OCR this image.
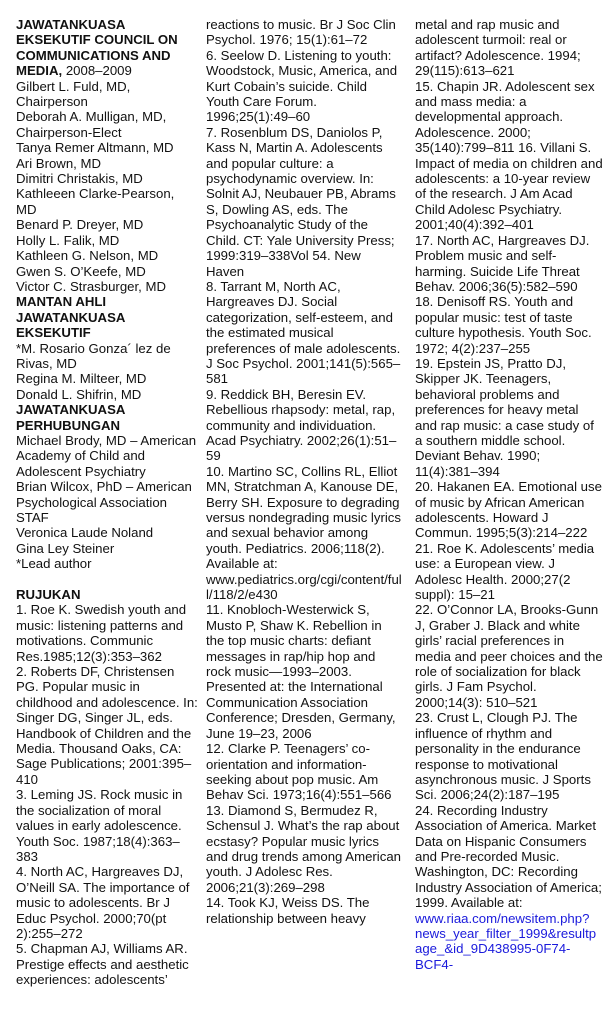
JAWATANKUASA EKSEKUTIF COUNCIL ON COMMUNICATIONS AND MEDIA, 2008–2009
Gilbert L. Fuld, MD, Chairperson
Deborah A. Mulligan, MD, Chairperson-Elect
Tanya Remer Altmann, MD
Ari Brown, MD
Dimitri Christakis, MD
Kathleeen Clarke-Pearson, MD
Benard P. Dreyer, MD
Holly L. Falik, MD
Kathleen G. Nelson, MD
Gwen S. O’Keefe, MD
Victor C. Strasburger, MD
MANTAN AHLI JAWATANKUASA EKSEKUTIF
*M. Rosario Gonza´ lez de Rivas, MD
Regina M. Milteer, MD
Donald L. Shifrin, MD
JAWATANKUASA PERHUBUNGAN
Michael Brody, MD – American Academy of Child and Adolescent Psychiatry
Brian Wilcox, PhD – American Psychological Association
STAF
Veronica Laude Noland
Gina Ley Steiner
*Lead author
RUJUKAN
1. Roe K. Swedish youth and music: listening patterns and motivations. Communic Res.1985;12(3):353–362
2. Roberts DF, Christensen PG. Popular music in childhood and adolescence. In: Singer DG, Singer JL, eds. Handbook of Children and the Media. Thousand Oaks, CA: Sage Publications; 2001:395–410
3. Leming JS. Rock music in the socialization of moral values in early adolescence. Youth Soc. 1987;18(4):363–383
4. North AC, Hargreaves DJ, O’Neill SA. The importance of music to adolescents. Br J Educ Psychol. 2000;70(pt 2):255–272
5. Chapman AJ, Williams AR. Prestige effects and aesthetic experiences: adolescents’
reactions to music. Br J Soc Clin Psychol. 1976; 15(1):61–72
6. Seelow D. Listening to youth: Woodstock, Music, America, and Kurt Cobain’s suicide. Child Youth Care Forum. 1996;25(1):49–60
7. Rosenblum DS, Daniolos P, Kass N, Martin A. Adolescents and popular culture: a psychodynamic overview. In: Solnit AJ, Neubauer PB, Abrams S, Dowling AS, eds. The Psychoanalytic Study of the Child. CT: Yale University Press; 1999:319–338Vol 54. New Haven
8. Tarrant M, North AC, Hargreaves DJ. Social categorization, self-esteem, and the estimated musical preferences of male adolescents. J Soc Psychol. 2001;141(5):565–581
9. Reddick BH, Beresin EV. Rebellious rhapsody: metal, rap, community and individuation. Acad Psychiatry. 2002;26(1):51–59
10. Martino SC, Collins RL, Elliot MN, Stratchman A, Kanouse DE, Berry SH. Exposure to degrading versus nondegrading music lyrics and sexual behavior among youth. Pediatrics. 2006;118(2). Available at: www.pediatrics.org/cgi/content/full/118/2/e430
11. Knobloch-Westerwick S, Musto P, Shaw K. Rebellion in the top music charts: defiant messages in rap/hip hop and rock music—1993–2003. Presented at: the International Communication Association Conference; Dresden, Germany, June 19–23, 2006
12. Clarke P. Teenagers’ co-orientation and information-seeking about pop music. Am Behav Sci. 1973;16(4):551–566
13. Diamond S, Bermudez R, Schensul J. What’s the rap about ecstasy? Popular music lyrics and drug trends among American youth. J Adolesc Res. 2006;21(3):269–298
14. Took KJ, Weiss DS. The relationship between heavy
metal and rap music and adolescent turmoil: real or artifact? Adolescence. 1994; 29(115):613–621
15. Chapin JR. Adolescent sex and mass media: a developmental approach. Adolescence. 2000; 35(140):799–811 16. Villani S. Impact of media on children and adolescents: a 10-year review of the research. J Am Acad Child Adolesc Psychiatry. 2001;40(4):392–401
17. North AC, Hargreaves DJ. Problem music and self-harming. Suicide Life Threat Behav. 2006;36(5):582–590
18. Denisoff RS. Youth and popular music: test of taste culture hypothesis. Youth Soc. 1972; 4(2):237–255
19. Epstein JS, Pratto DJ, Skipper JK. Teenagers, behavioral problems and preferences for heavy metal and rap music: a case study of a southern middle school. Deviant Behav. 1990; 11(4):381–394
20. Hakanen EA. Emotional use of music by African American adolescents. Howard J Commun. 1995;5(3):214–222
21. Roe K. Adolescents’ media use: a European view. J Adolesc Health. 2000;27(2 suppl): 15–21
22. O’Connor LA, Brooks-Gunn J, Graber J. Black and white girls’ racial preferences in media and peer choices and the role of socialization for black girls. J Fam Psychol. 2000;14(3): 510–521
23. Crust L, Clough PJ. The influence of rhythm and personality in the endurance response to motivational asynchronous music. J Sports Sci. 2006;24(2):187–195
24. Recording Industry Association of America. Market Data on Hispanic Consumers and Pre-recorded Music. Washington, DC: Recording Industry Association of America; 1999. Available at: www.riaa.com/newsitem.php?news_year_filter_1999&resultpage_&id_9D438995-0F74-BCF4-
